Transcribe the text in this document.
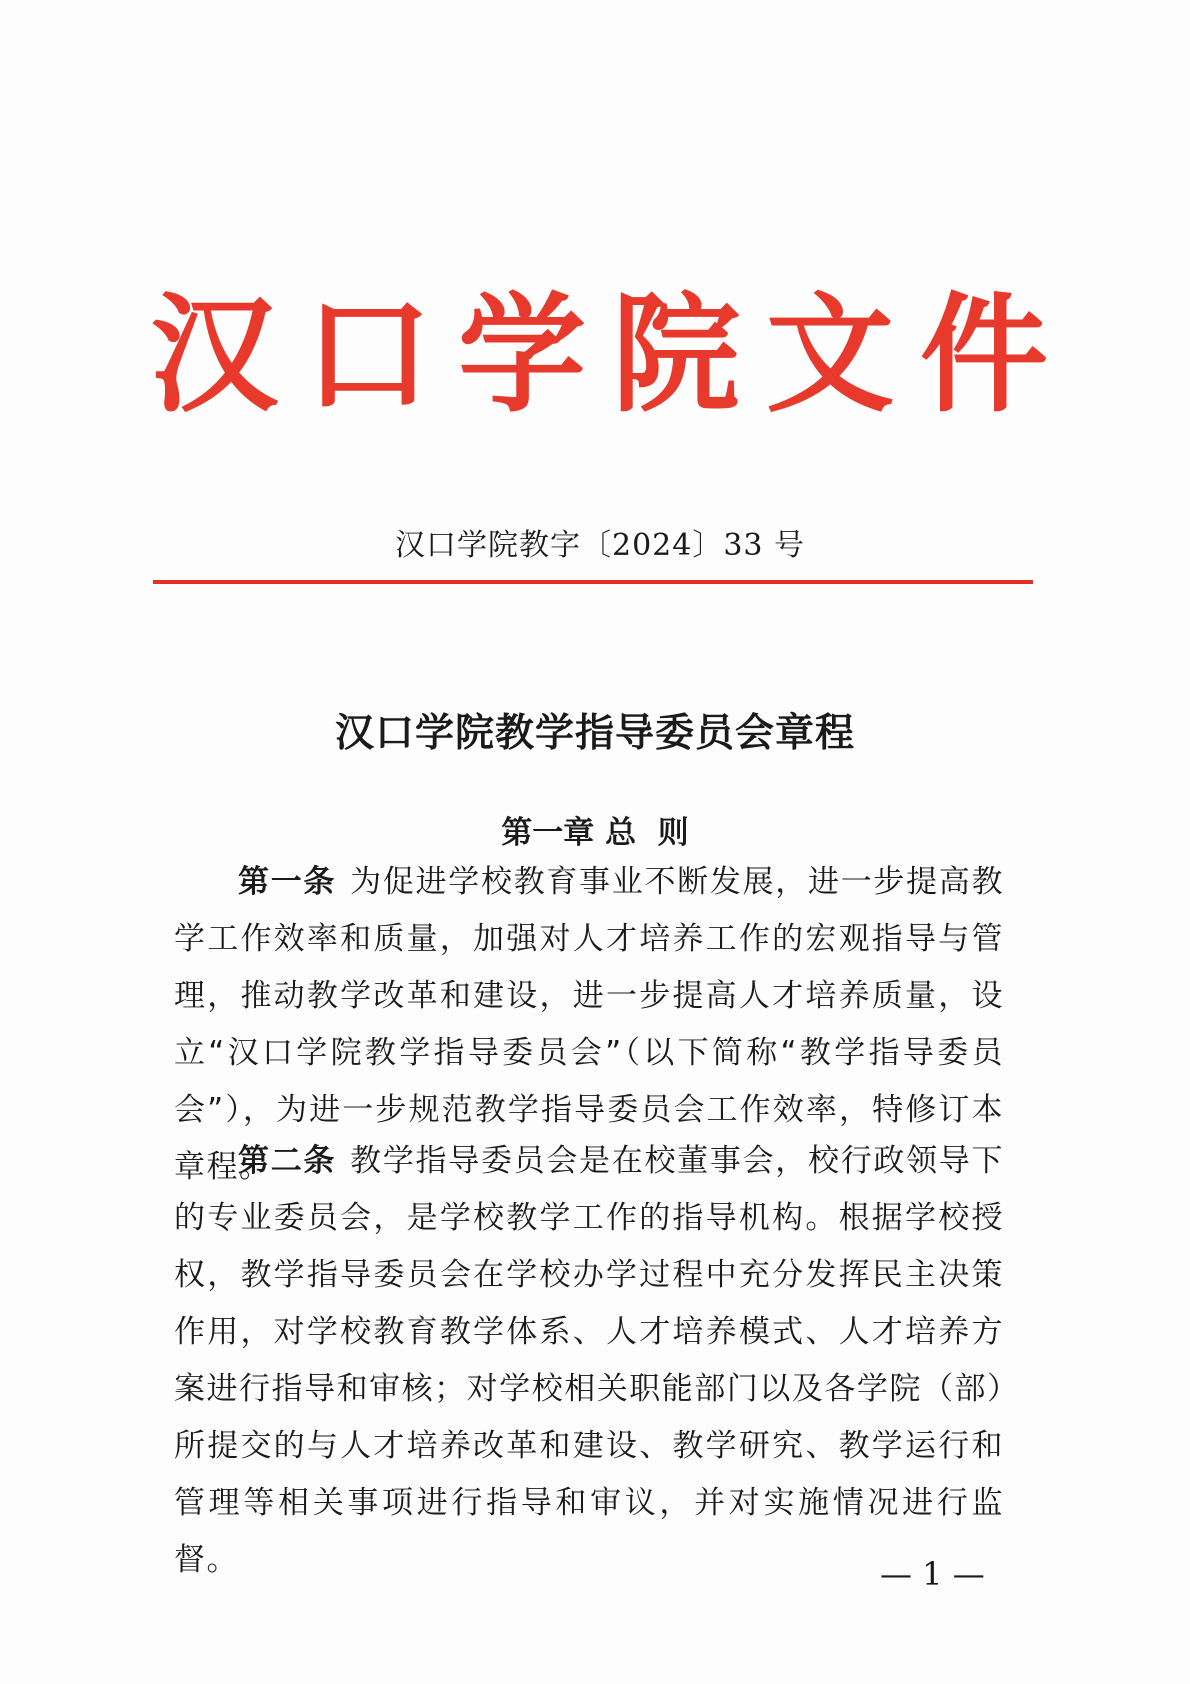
汉口学院文件
汉口学院教字〔2024〕33 号
汉口学院教学指导委员会章程
第一章 总  则

第一条 为促进学校教育事业不断发展，进一步提高教学工作效率和质量，加强对人才培养工作的宏观指导与管理，推动教学改革和建设，进一步提高人才培养质量，设立“汉口学院教学指导委员会”（以下简称“教学指导委员会”），为进一步规范教学指导委员会工作效率，特修订本章程。

第二条 教学指导委员会是在校董事会，校行政领导下的专业委员会，是学校教学工作的指导机构。根据学校授权，教学指导委员会在学校办学过程中充分发挥民主决策作用，对学校教育教学体系、人才培养模式、人才培养方案进行指导和审核；对学校相关职能部门以及各学院（部）所提交的与人才培养改革和建设、教学研究、教学运行和管理等相关事项进行指导和审议，并对实施情况进行监督。	— 1 —
